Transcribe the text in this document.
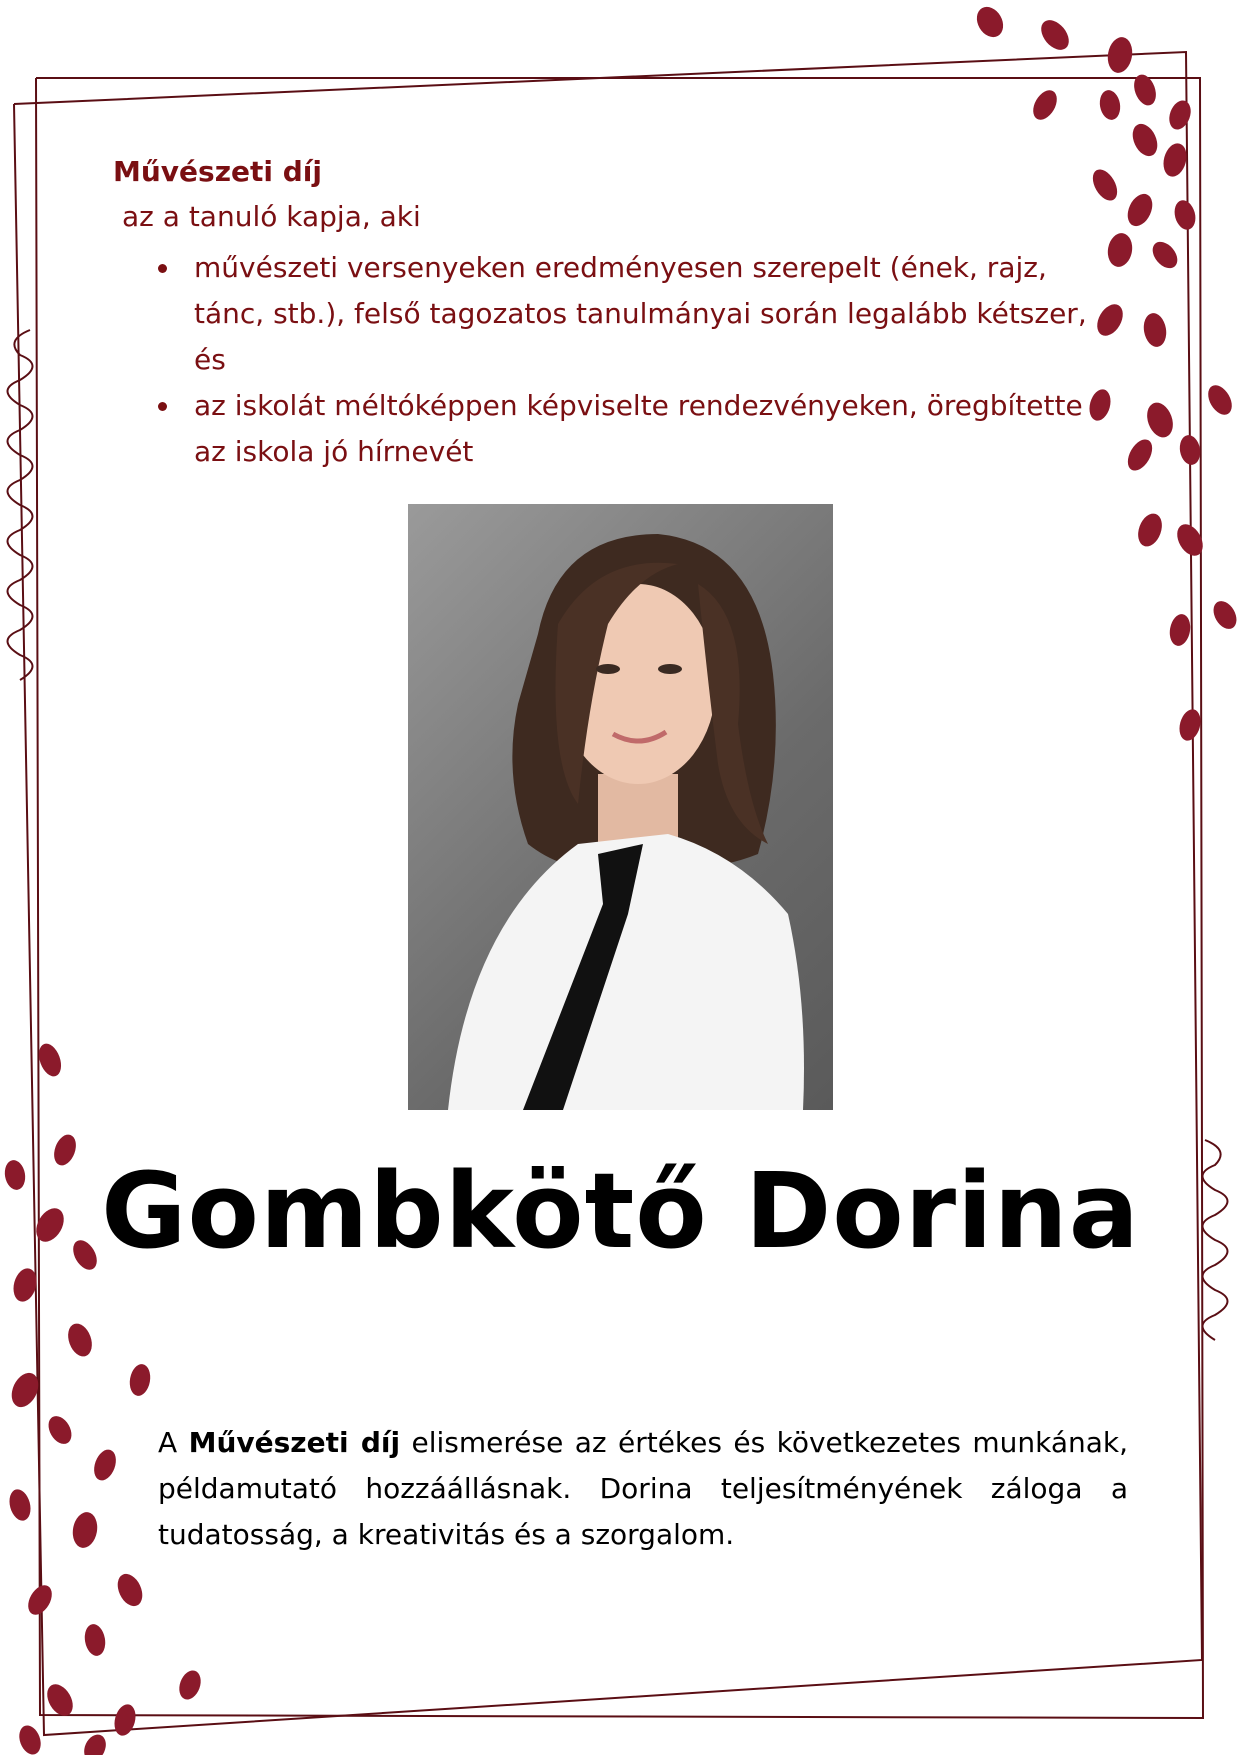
Művészeti díj

az a tanuló kapja, aki

művészeti versenyeken eredményesen szerepelt (ének, rajz, tánc, stb.), felső tagozatos tanulmányai során legalább kétszer, és
az iskolát méltóképpen képviselte rendezvényeken, öregbítette az iskola jó hírnevét
Gombkötő Dorina

A Művészeti díj elismerése az értékes és következetes munkának, példamutató hozzáállásnak. Dorina teljesítményének záloga a tudatosság, a kreativitás és a szorgalom.
